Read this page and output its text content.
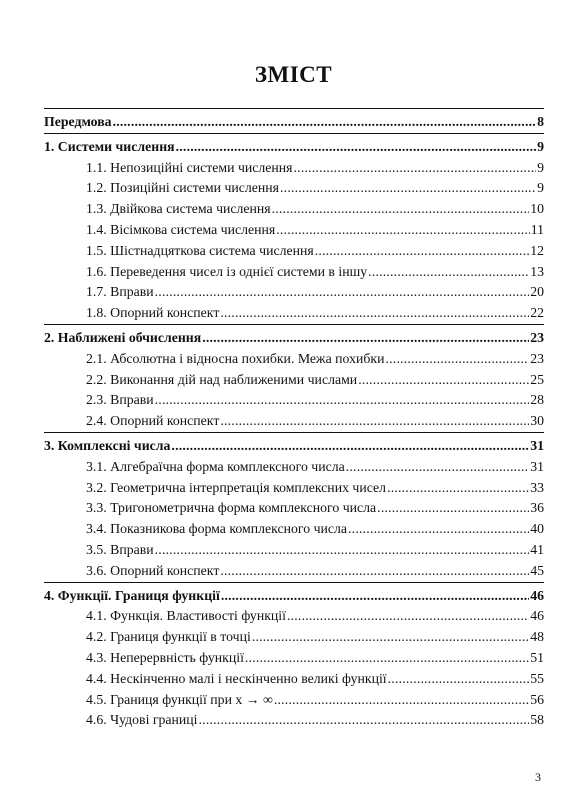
ЗМІСТ
Передмова .....	8
1. Системи числення .....	9
1.1. Непозиційні системи числення .....	9
1.2. Позиційні системи числення .....	9
1.3. Двійкова система числення .....	10
1.4. Вісімкова система числення .....	11
1.5. Шістнадцяткова система числення .....	12
1.6. Переведення чисел із однієї системи в іншу .....	13
1.7. Вправи .....	20
1.8. Опорний конспект .....	22
2. Наближені обчислення .....	23
2.1. Абсолютна і відносна похибки. Межа похибки .....	23
2.2. Виконання дій над наближеними числами .....	25
2.3. Вправи .....	28
2.4. Опорний конспект .....	30
3. Комплексні числа .....	31
3.1. Алгебраїчна форма комплексного числа .....	31
3.2. Геометрична інтерпретація комплексних чисел .....	33
3.3. Тригонометрична форма комплексного числа .....	36
3.4. Показникова форма комплексного числа .....	40
3.5. Вправи .....	41
3.6. Опорний конспект .....	45
4. Функції. Границя функції .....	46
4.1. Функція. Властивості функції .....	46
4.2. Границя функції в точці .....	48
4.3. Неперервність функції .....	51
4.4. Нескінченно малі і нескінченно великі функції .....	55
4.5. Границя функції при x → ∞ .....	56
4.6. Чудові границі .....	58
3
